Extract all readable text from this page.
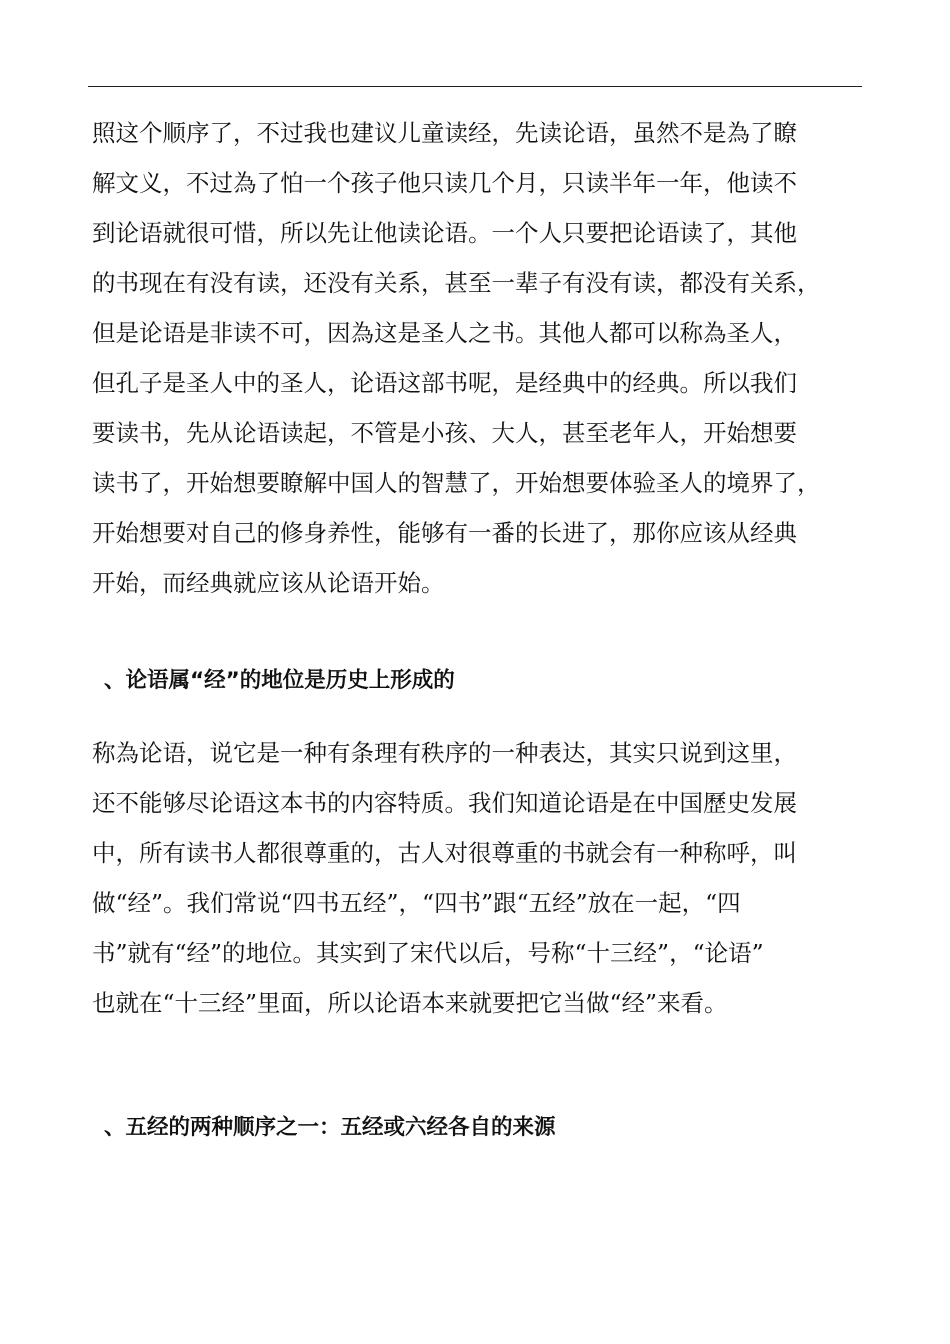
照这个顺序了，不过我也建议儿童读经，先读论语，虽然不是為了瞭
解文义，不过為了怕一个孩子他只读几个月，只读半年一年，他读不
到论语就很可惜，所以先让他读论语。一个人只要把论语读了，其他
的书现在有没有读，还没有关系，甚至一辈子有没有读，都没有关系，
但是论语是非读不可，因為这是圣人之书。其他人都可以称為圣人，
但孔子是圣人中的圣人，论语这部书呢，是经典中的经典。所以我们
要读书，先从论语读起，不管是小孩、大人，甚至老年人，开始想要
读书了，开始想要瞭解中国人的智慧了，开始想要体验圣人的境界了，
开始想要对自己的修身养性，能够有一番的长进了，那你应该从经典
开始，而经典就应该从论语开始。
、论语属“经”的地位是历史上形成的
称為论语，说它是一种有条理有秩序的一种表达，其实只说到这里，
还不能够尽论语这本书的内容特质。我们知道论语是在中国歷史发展
中，所有读书人都很尊重的，古人对很尊重的书就会有一种称呼，叫
做“经”。我们常说“四书五经”，“四书”跟“五经”放在一起，“四
书”就有“经”的地位。其实到了宋代以后，号称“十三经”，“论语”
也就在“十三经”里面，所以论语本来就要把它当做“经”来看。
、五经的两种顺序之一：五经或六经各自的来源
